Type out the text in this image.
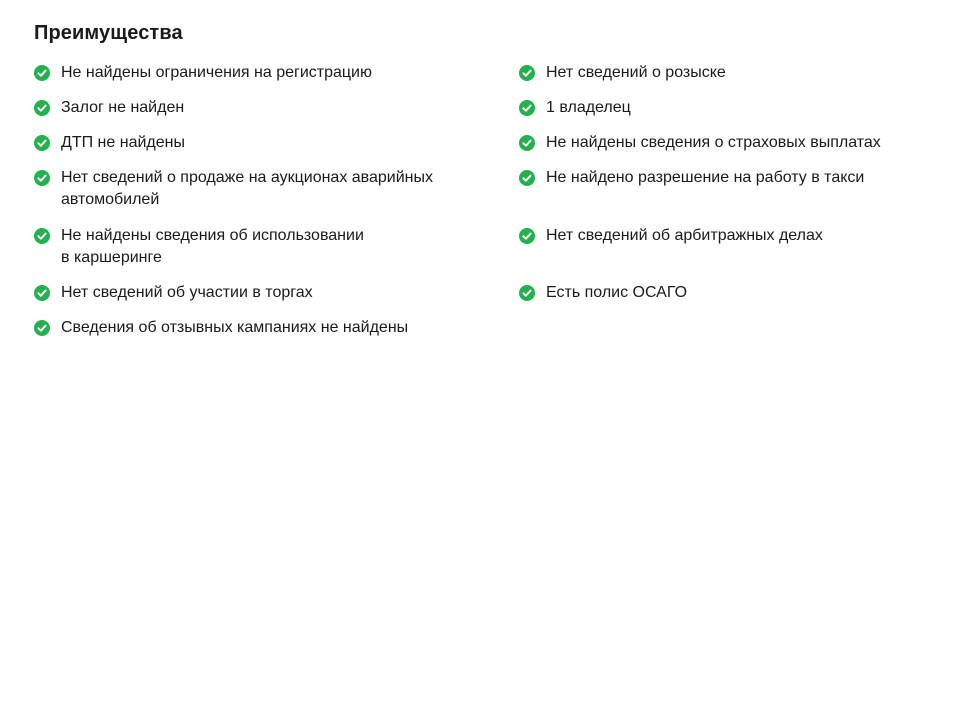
Преимущества
Не найдены ограничения на регистрацию
Залог не найден
ДТП не найдены
Нет сведений о продаже на аукционах аварийных
автомобилей
Не найдены сведения об использовании
в каршеринге
Нет сведений об участии в торгах
Сведения об отзывных кампаниях не найдены
Нет сведений о розыске
1 владелец
Не найдены сведения о страховых выплатах
Не найдено разрешение на работу в такси
Нет сведений об арбитражных делах
Есть полис ОСАГО
